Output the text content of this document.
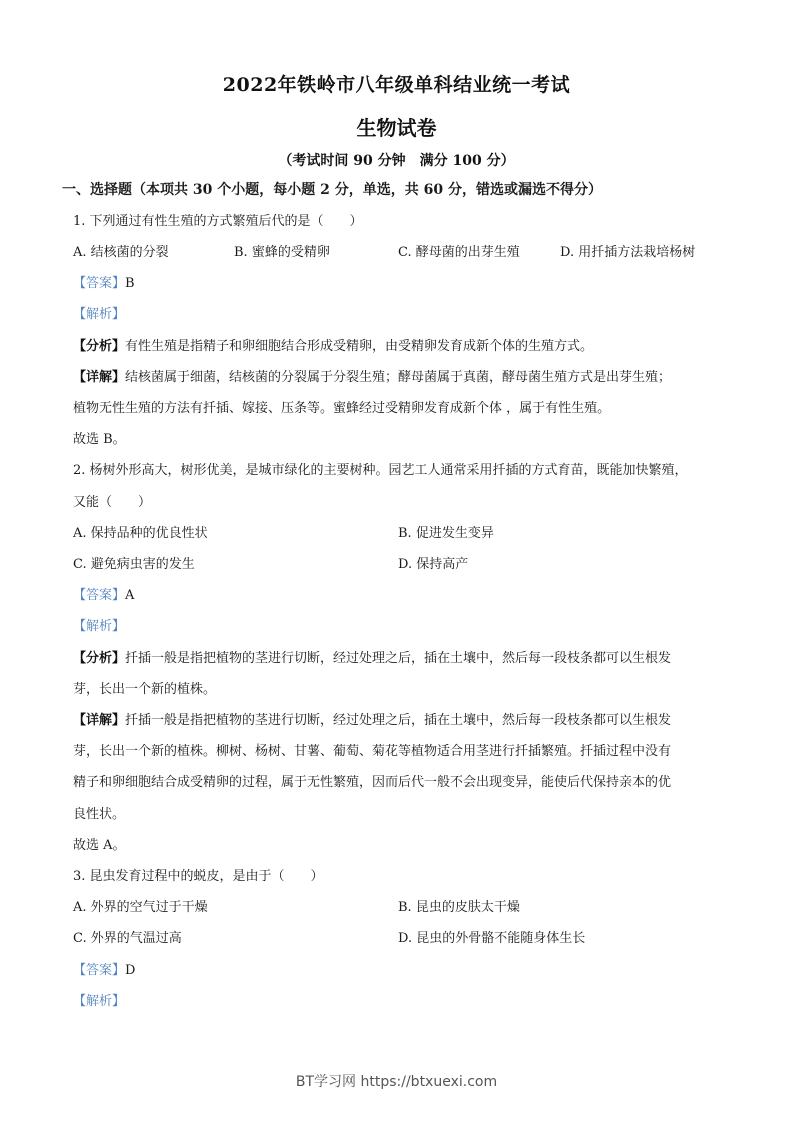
2022年铁岭市八年级单科结业统一考试
生物试卷
（考试时间 90 分钟　满分 100 分）
一、选择题（本项共 30 个小题，每小题 2 分，单选，共 60 分，错选或漏选不得分）
1. 下列通过有性生殖的方式繁殖后代的是（　　）
A. 结核菌的分裂	B. 蜜蜂的受精卵	C. 酵母菌的出芽生殖	D. 用扦插方法栽培杨树
【答案】B
【解析】
【分析】有性生殖是指精子和卵细胞结合形成受精卵，由受精卵发育成新个体的生殖方式。
【详解】结核菌属于细菌，结核菌的分裂属于分裂生殖；酵母菌属于真菌，酵母菌生殖方式是出芽生殖；
植物无性生殖的方法有扦插、嫁接、压条等。蜜蜂经过受精卵发育成新个体 ，属于有性生殖。
故选 B。
2. 杨树外形高大，树形优美，是城市绿化的主要树种。园艺工人通常采用扦插的方式育苗，既能加快繁殖，
又能（　　）
A. 保持品种的优良性状	B. 促进发生变异
C. 避免病虫害的发生	D. 保持高产
【答案】A
【解析】
【分析】扦插一般是指把植物的茎进行切断，经过处理之后，插在土壤中，然后每一段枝条都可以生根发
芽，长出一个新的植株。
【详解】扦插一般是指把植物的茎进行切断，经过处理之后，插在土壤中，然后每一段枝条都可以生根发
芽，长出一个新的植株。柳树、杨树、甘薯、葡萄、菊花等植物适合用茎进行扦插繁殖。扦插过程中没有
精子和卵细胞结合成受精卵的过程，属于无性繁殖，因而后代一般不会出现变异，能使后代保持亲本的优
良性状。
故选 A。
3. 昆虫发育过程中的蜕皮，是由于（　　）
A. 外界的空气过于干燥	B. 昆虫的皮肤太干燥
C. 外界的气温过高	D. 昆虫的外骨骼不能随身体生长
【答案】D
【解析】
BT学习网 https://btxuexi.com
